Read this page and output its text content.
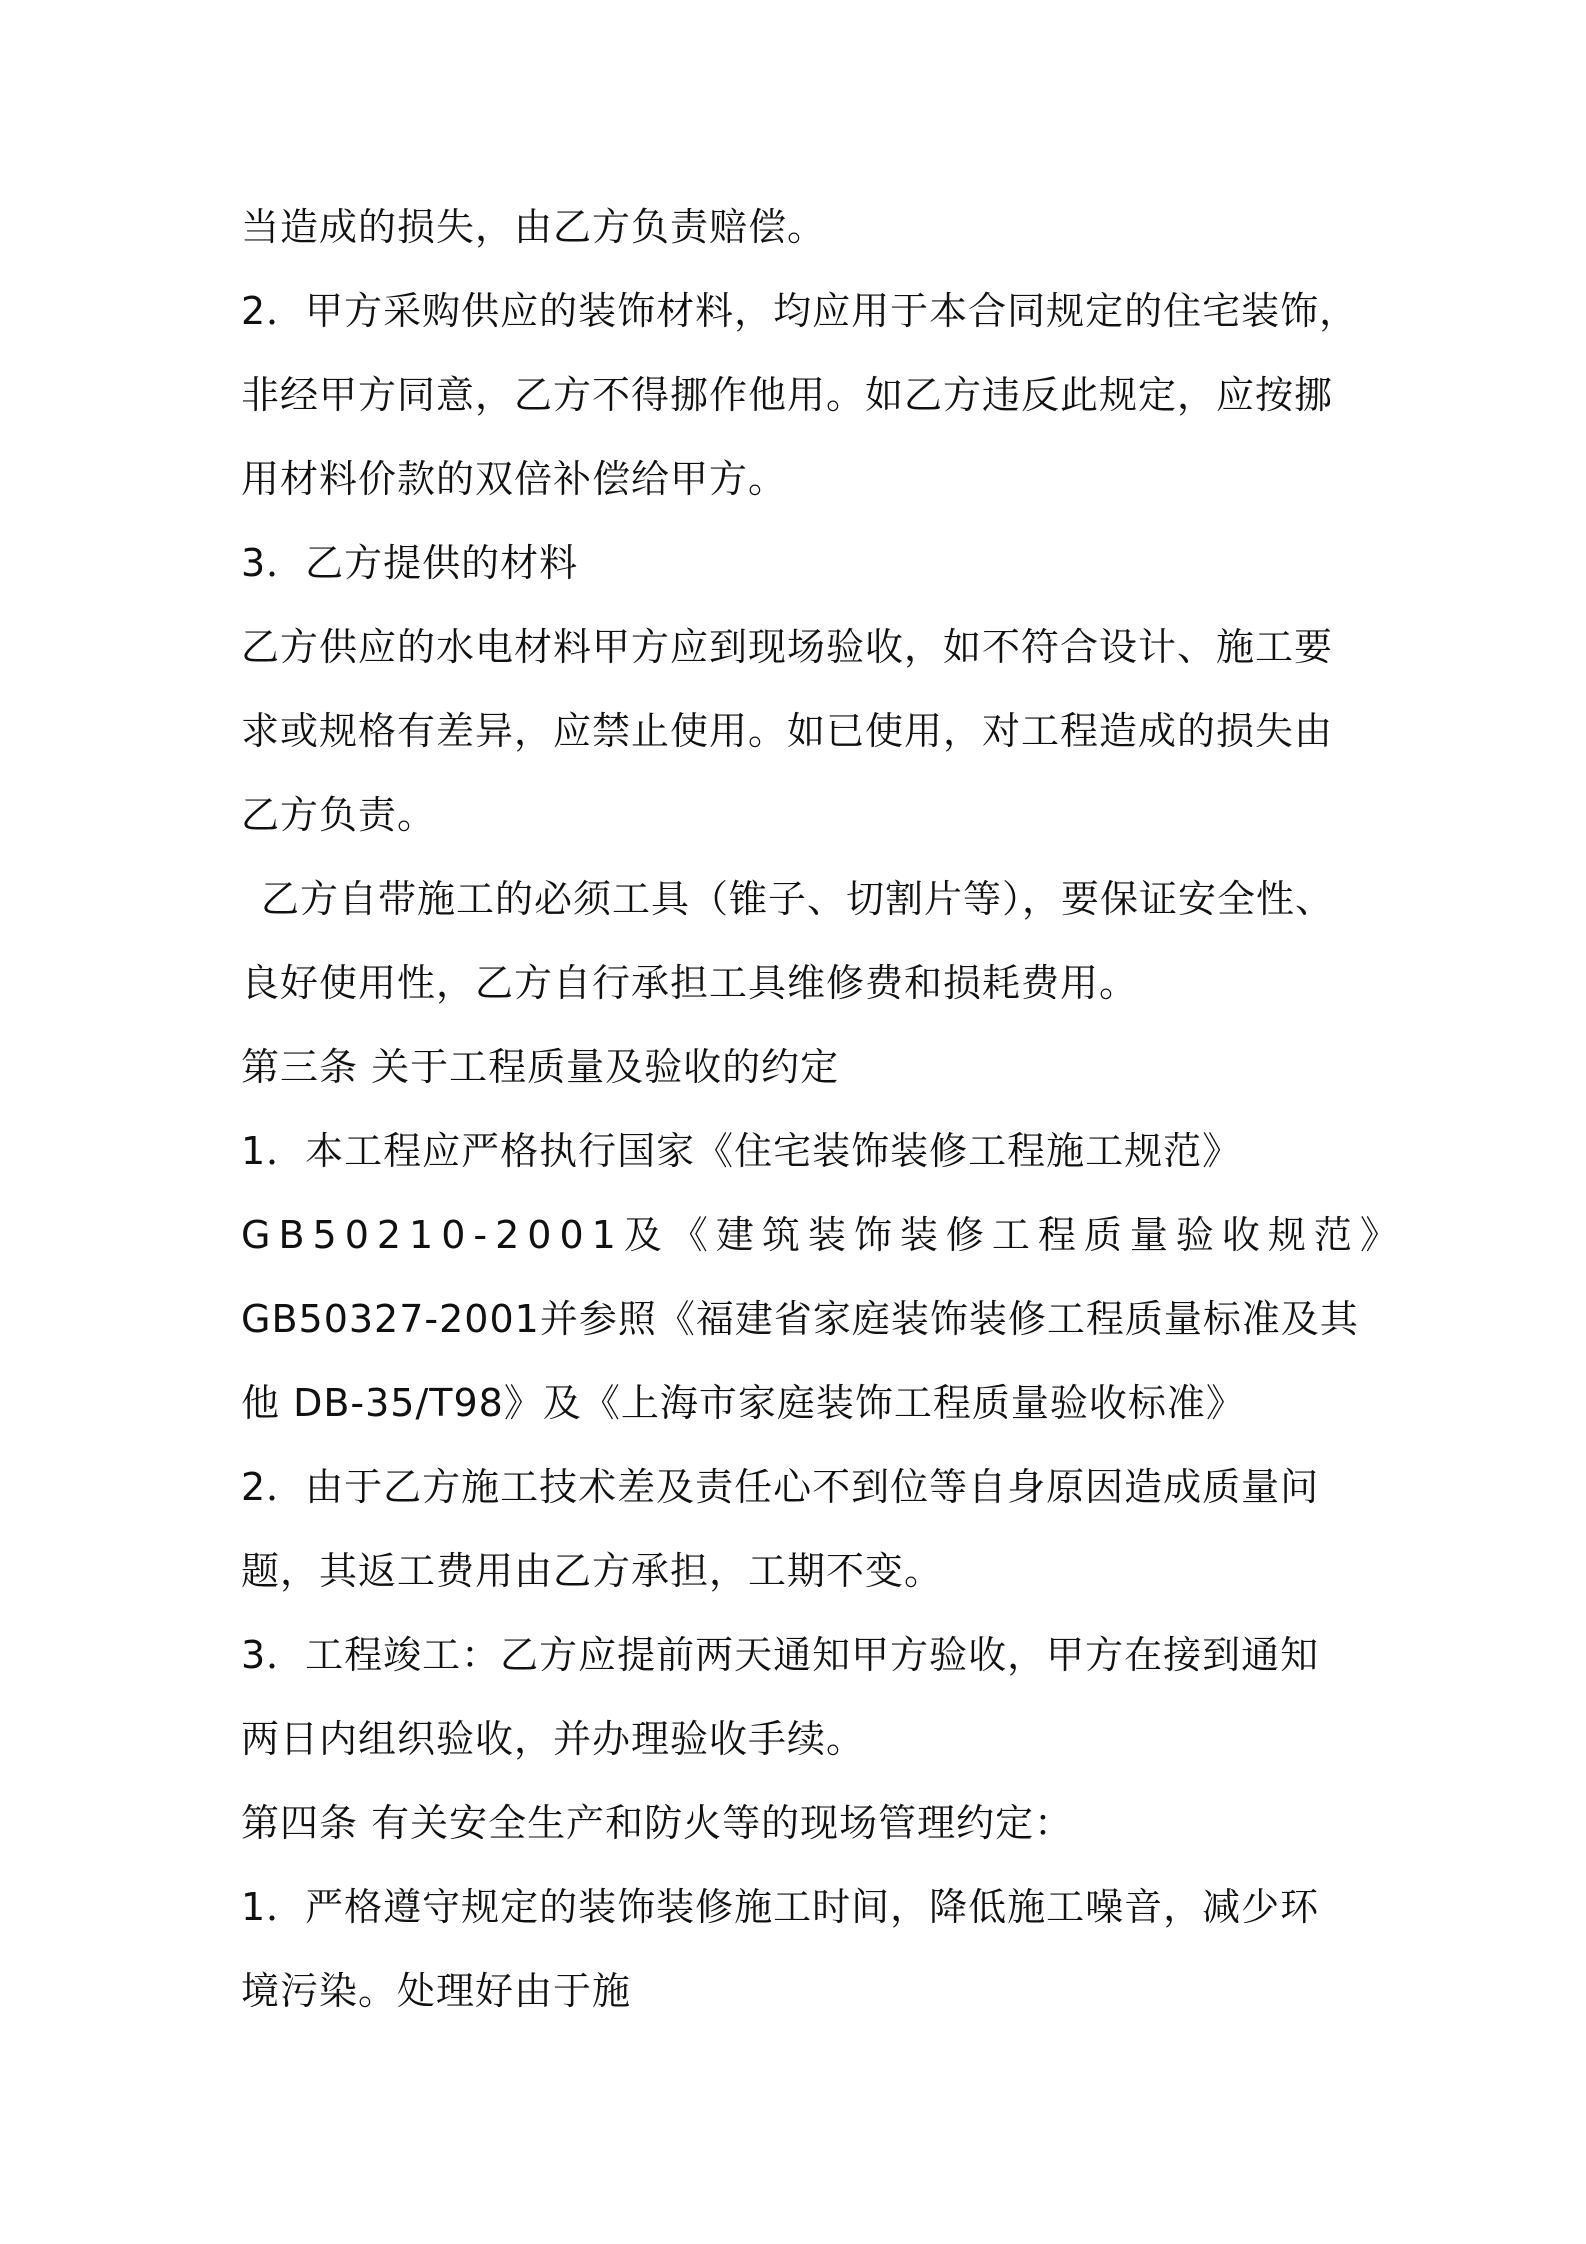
当造成的损失，由乙方负责赔偿。
2．甲方采购供应的装饰材料，均应用于本合同规定的住宅装饰，
非经甲方同意，乙方不得挪作他用。如乙方违反此规定，应按挪
用材料价款的双倍补偿给甲方。
3．乙方提供的材料
乙方供应的水电材料甲方应到现场验收，如不符合设计、施工要
求或规格有差异，应禁止使用。如已使用，对工程造成的损失由
乙方负责。
乙方自带施工的必须工具（锥子、切割片等），要保证安全性、
良好使用性，乙方自行承担工具维修费和损耗费用。
第三条 关于工程质量及验收的约定
1．本工程应严格执行国家《住宅装饰装修工程施工规范》
GB50210-2001及《建筑装饰装修工程质量验收规范》
GB50327-2001并参照《福建省家庭装饰装修工程质量标准及其
他 DB-35/T98》及《上海市家庭装饰工程质量验收标准》
2．由于乙方施工技术差及责任心不到位等自身原因造成质量问
题，其返工费用由乙方承担，工期不变。
3．工程竣工：乙方应提前两天通知甲方验收，甲方在接到通知
两日内组织验收，并办理验收手续。
第四条 有关安全生产和防火等的现场管理约定：
1．严格遵守规定的装饰装修施工时间，降低施工噪音，减少环
境污染。处理好由于施
